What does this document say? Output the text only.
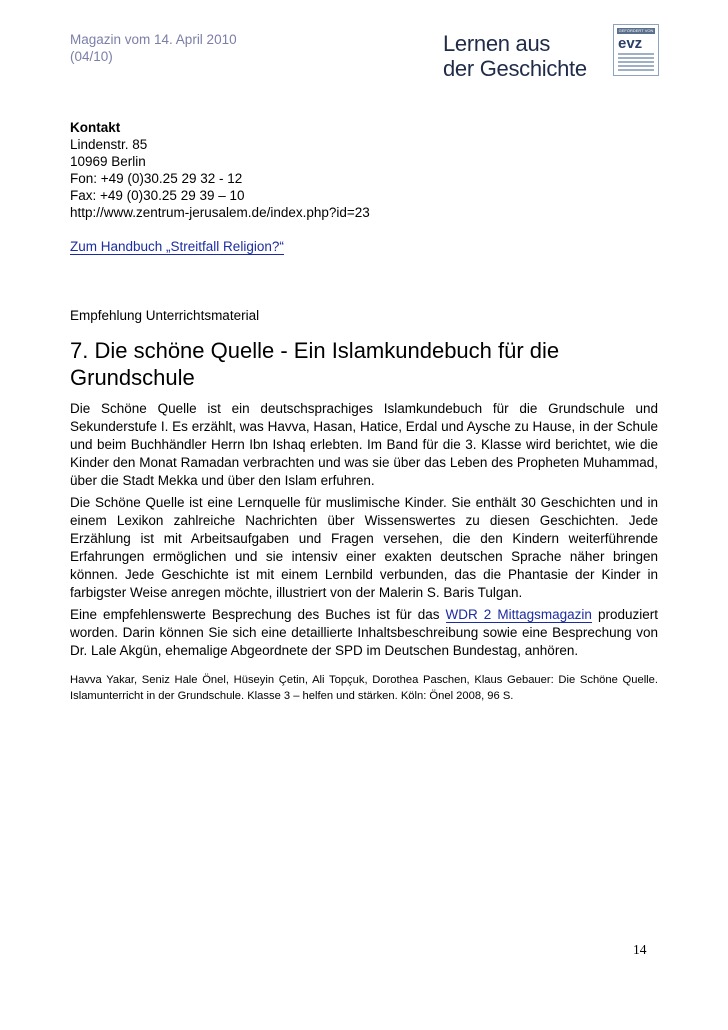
Magazin vom 14. April 2010
(04/10)
Lernen aus
der Geschichte
GEFÖRDERT VON
evz
Kontakt
Lindenstr. 85
10969 Berlin
Fon: +49 (0)30.25 29 32 - 12
Fax: +49 (0)30.25 29 39 – 10
http://www.zentrum-jerusalem.de/index.php?id=23
Zum Handbuch „Streitfall Religion?“
Empfehlung Unterrichtsmaterial
7. Die schöne Quelle - Ein Islamkundebuch für die
Grundschule
Die Schöne Quelle ist ein deutschsprachiges Islamkundebuch für die Grundschule und Sekunderstufe I. Es erzählt, was Havva, Hasan, Hatice, Erdal und Aysche zu Hause, in der Schule und beim Buchhändler Herrn Ibn Ishaq erlebten. Im Band für die 3. Klasse wird berichtet, wie die Kinder den Monat Ramadan verbrachten und was sie über das Leben des Propheten Muhammad, über die Stadt Mekka und über den Islam erfuhren.
Die Schöne Quelle ist eine Lernquelle für muslimische Kinder. Sie enthält 30 Geschichten und in einem Lexikon zahlreiche Nachrichten über Wissenswertes zu diesen Geschichten. Jede Erzählung ist mit Arbeitsaufgaben und Fragen versehen, die den Kindern weiterführende Erfahrungen ermöglichen und sie intensiv einer exakten deutschen Sprache näher bringen können. Jede Geschichte ist mit einem Lernbild verbunden, das die Phantasie der Kinder in farbigster Weise anregen möchte, illustriert von der Malerin S. Baris Tulgan.
Eine empfehlenswerte Besprechung des Buches ist für das WDR 2 Mittagsmagazin produziert worden. Darin können Sie sich eine detaillierte Inhaltsbeschreibung sowie eine Besprechung von Dr. Lale Akgün, ehemalige Abgeordnete der SPD im Deutschen Bundestag, anhören.
Havva Yakar, Seniz Hale Önel, Hüseyin Çetin, Ali Topçuk, Dorothea Paschen, Klaus Gebauer: Die Schöne Quelle. Islamunterricht in der Grundschule. Klasse 3 – helfen und stärken. Köln: Önel 2008, 96 S.
14
